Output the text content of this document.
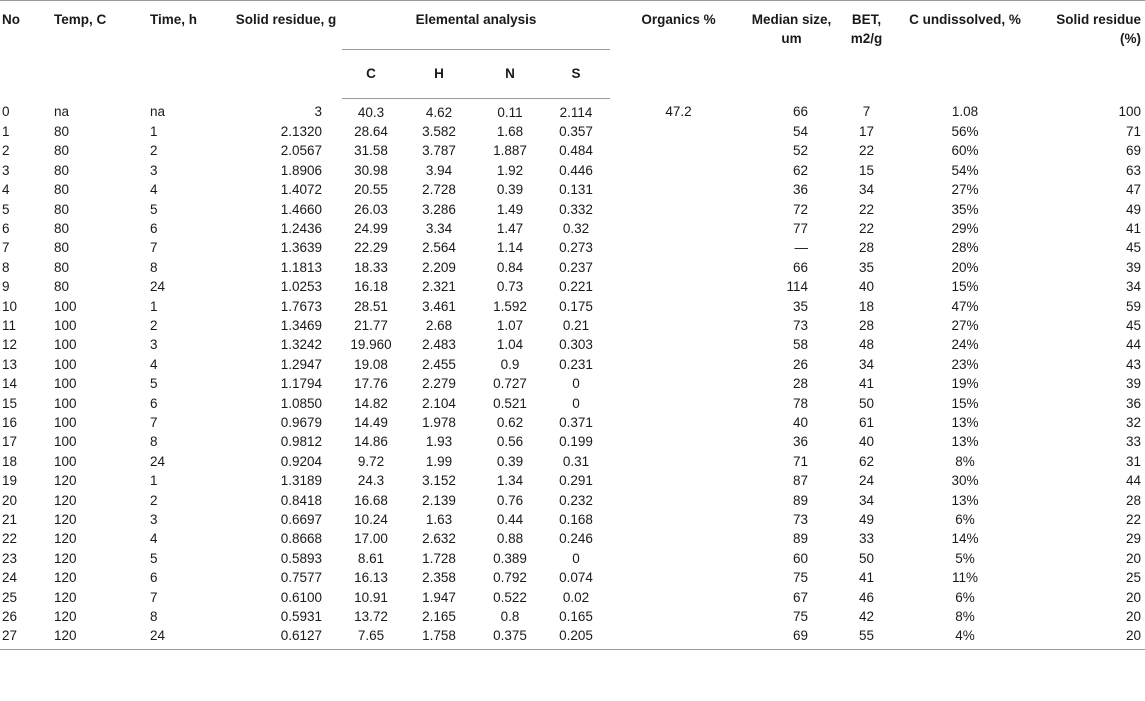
No	Temp, C	Time, h	Solid residue, g	Elemental analysis				Organics %	Median size, um	BET, m2/g	C undissolved, %	Solid residue (%)
				C	H	N	S					
0	na	na	3	40.3	4.62	0.11	2.114	47.2	66	7	1.08	100
1	80	1	2.1320	28.64	3.582	1.68	0.357		54	17	56%	71
2	80	2	2.0567	31.58	3.787	1.887	0.484		52	22	60%	69
3	80	3	1.8906	30.98	3.94	1.92	0.446		62	15	54%	63
4	80	4	1.4072	20.55	2.728	0.39	0.131		36	34	27%	47
5	80	5	1.4660	26.03	3.286	1.49	0.332		72	22	35%	49
6	80	6	1.2436	24.99	3.34	1.47	0.32		77	22	29%	41
7	80	7	1.3639	22.29	2.564	1.14	0.273		—	28	28%	45
8	80	8	1.1813	18.33	2.209	0.84	0.237		66	35	20%	39
9	80	24	1.0253	16.18	2.321	0.73	0.221		114	40	15%	34
10	100	1	1.7673	28.51	3.461	1.592	0.175		35	18	47%	59
11	100	2	1.3469	21.77	2.68	1.07	0.21		73	28	27%	45
12	100	3	1.3242	19.960	2.483	1.04	0.303		58	48	24%	44
13	100	4	1.2947	19.08	2.455	0.9	0.231		26	34	23%	43
14	100	5	1.1794	17.76	2.279	0.727	0		28	41	19%	39
15	100	6	1.0850	14.82	2.104	0.521	0		78	50	15%	36
16	100	7	0.9679	14.49	1.978	0.62	0.371		40	61	13%	32
17	100	8	0.9812	14.86	1.93	0.56	0.199		36	40	13%	33
18	100	24	0.9204	9.72	1.99	0.39	0.31		71	62	8%	31
19	120	1	1.3189	24.3	3.152	1.34	0.291		87	24	30%	44
20	120	2	0.8418	16.68	2.139	0.76	0.232		89	34	13%	28
21	120	3	0.6697	10.24	1.63	0.44	0.168		73	49	6%	22
22	120	4	0.8668	17.00	2.632	0.88	0.246		89	33	14%	29
23	120	5	0.5893	8.61	1.728	0.389	0		60	50	5%	20
24	120	6	0.7577	16.13	2.358	0.792	0.074		75	41	11%	25
25	120	7	0.6100	10.91	1.947	0.522	0.02		67	46	6%	20
26	120	8	0.5931	13.72	2.165	0.8	0.165		75	42	8%	20
27	120	24	0.6127	7.65	1.758	0.375	0.205		69	55	4%	20
